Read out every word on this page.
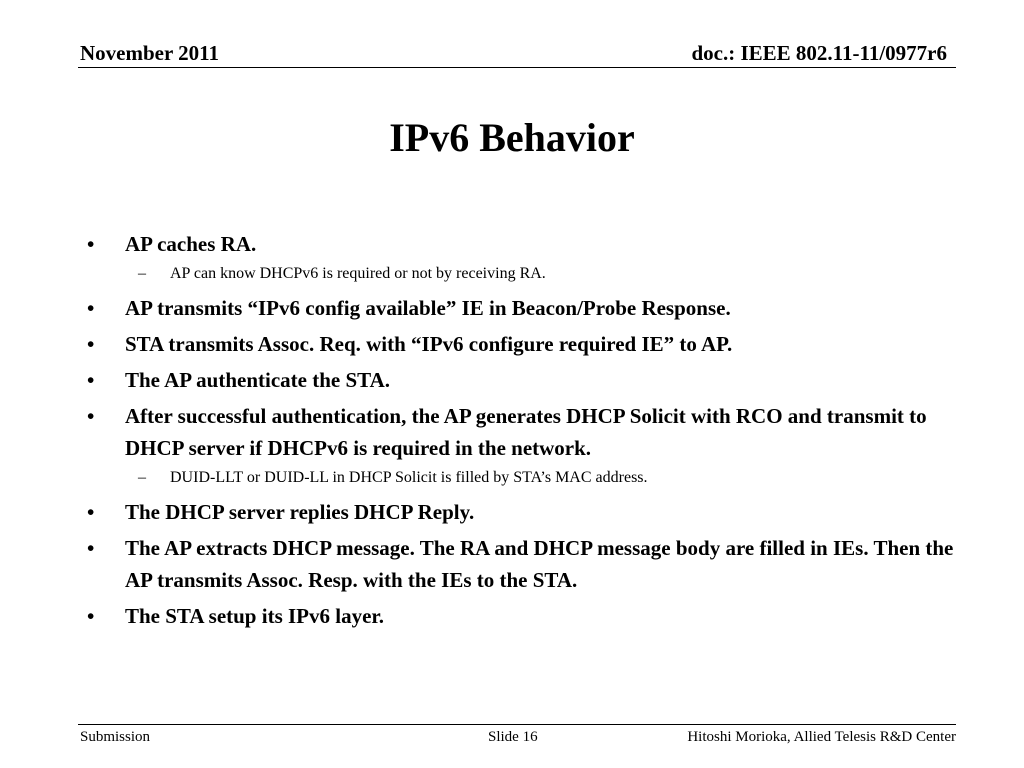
November 2011	doc.: IEEE 802.11-11/0977r6
IPv6 Behavior
• AP caches RA.
– AP can know DHCPv6 is required or not by receiving RA.
• AP transmits “IPv6 config available” IE in Beacon/Probe Response.
• STA transmits Assoc. Req. with “IPv6 configure required IE” to AP.
• The AP authenticate the STA.
• After successful authentication, the AP generates DHCP Solicit with RCO and transmit to DHCP server if DHCPv6 is required in the network.
– DUID-LLT or DUID-LL in DHCP Solicit is filled by STA’s MAC address.
• The DHCP server replies DHCP Reply.
• The AP extracts DHCP message. The RA and DHCP message body are filled in IEs. Then the AP transmits Assoc. Resp. with the IEs to the STA.
• The STA setup its IPv6 layer.
Submission	Slide 16	Hitoshi Morioka, Allied Telesis R&D Center
